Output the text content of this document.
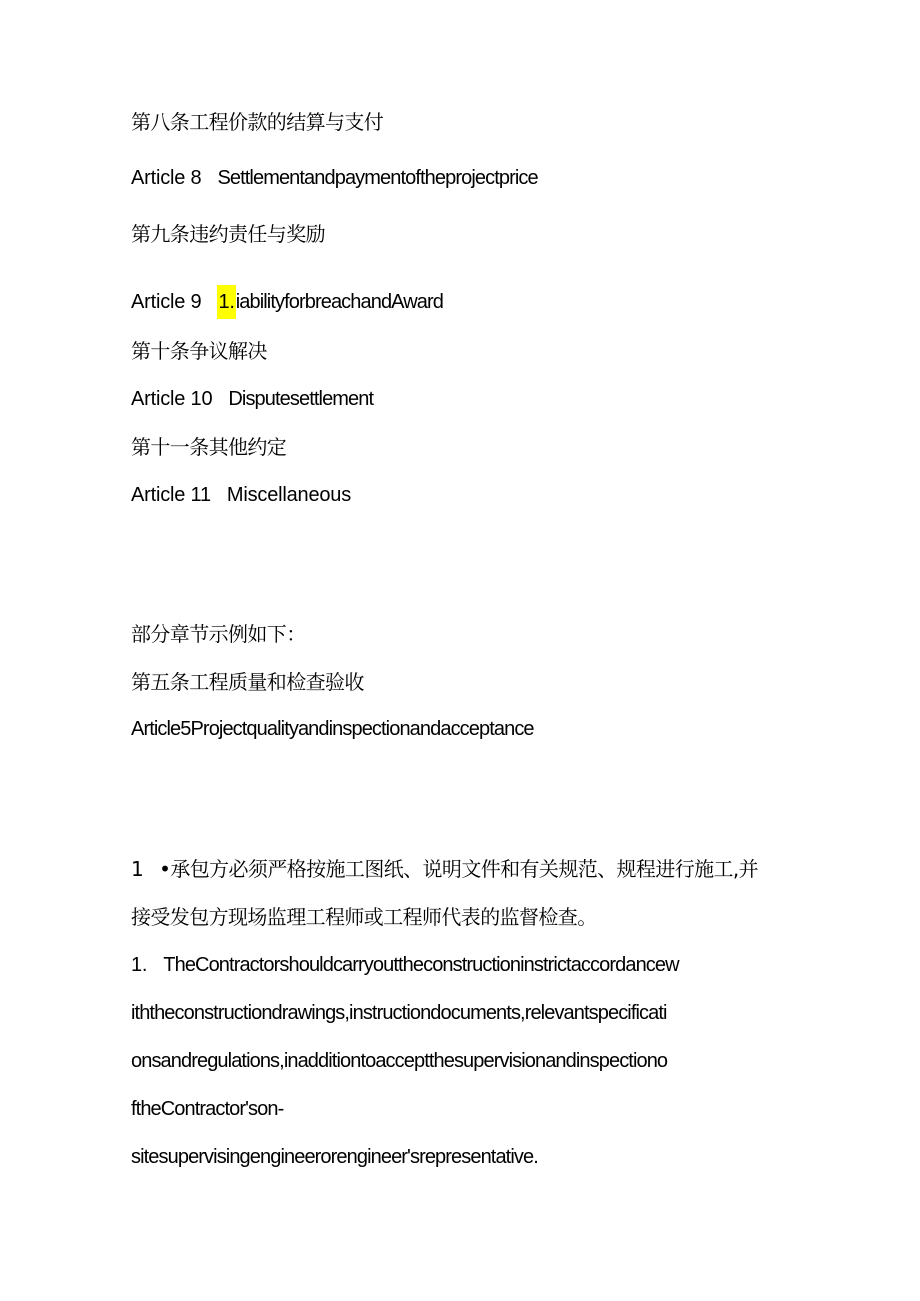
第八条工程价款的结算与支付
Article 8 Settlementandpaymentoftheprojectprice
第九条违约责任与奖励
Article 9 1.iabilityforbreachandAward
第十条争议解决
Article 10 Disputesettlement
第十一条其他约定
Article 11 Miscellaneous
部分章节示例如下：
第五条工程质量和检查验收
Article5Projectqualityandinspectionandacceptance
1 •承包方必须严格按施工图纸、说明文件和有关规范、规程进行施工,并
接受发包方现场监理工程师或工程师代表的监督检查。
1. TheContractorshouldcarryouttheconstructioninstrictaccordancew
iththeconstructiondrawings,instructiondocuments,relevantspecificati
onsandregulations,inadditiontoacceptthesupervisionandinspectiono
ftheContractor'son-
sitesupervisingengineerorengineer'srepresentative.
